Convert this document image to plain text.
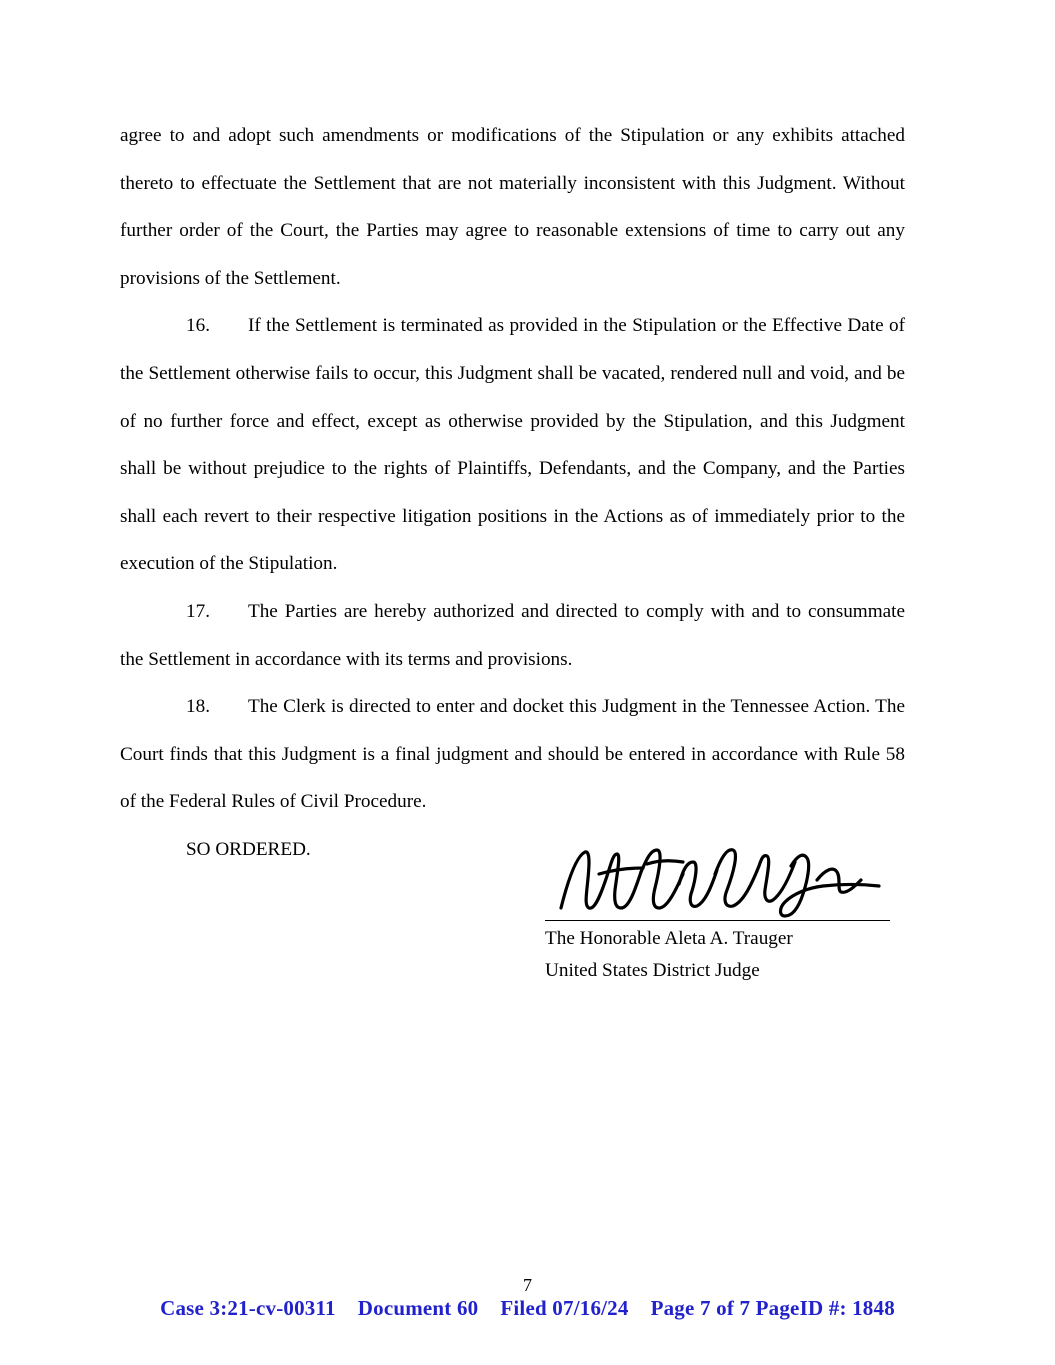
agree to and adopt such amendments or modifications of the Stipulation or any exhibits attached thereto to effectuate the Settlement that are not materially inconsistent with this Judgment. Without further order of the Court, the Parties may agree to reasonable extensions of time to carry out any provisions of the Settlement.

16. If the Settlement is terminated as provided in the Stipulation or the Effective Date of the Settlement otherwise fails to occur, this Judgment shall be vacated, rendered null and void, and be of no further force and effect, except as otherwise provided by the Stipulation, and this Judgment shall be without prejudice to the rights of Plaintiffs, Defendants, and the Company, and the Parties shall each revert to their respective litigation positions in the Actions as of immediately prior to the execution of the Stipulation.

17. The Parties are hereby authorized and directed to comply with and to consummate the Settlement in accordance with its terms and provisions.

18. The Clerk is directed to enter and docket this Judgment in the Tennessee Action. The Court finds that this Judgment is a final judgment and should be entered in accordance with Rule 58 of the Federal Rules of Civil Procedure.

SO ORDERED.

The Honorable Aleta A. Trauger
United States District Judge
7
Case 3:21-cv-00311 Document 60 Filed 07/16/24 Page 7 of 7 PageID #: 1848
